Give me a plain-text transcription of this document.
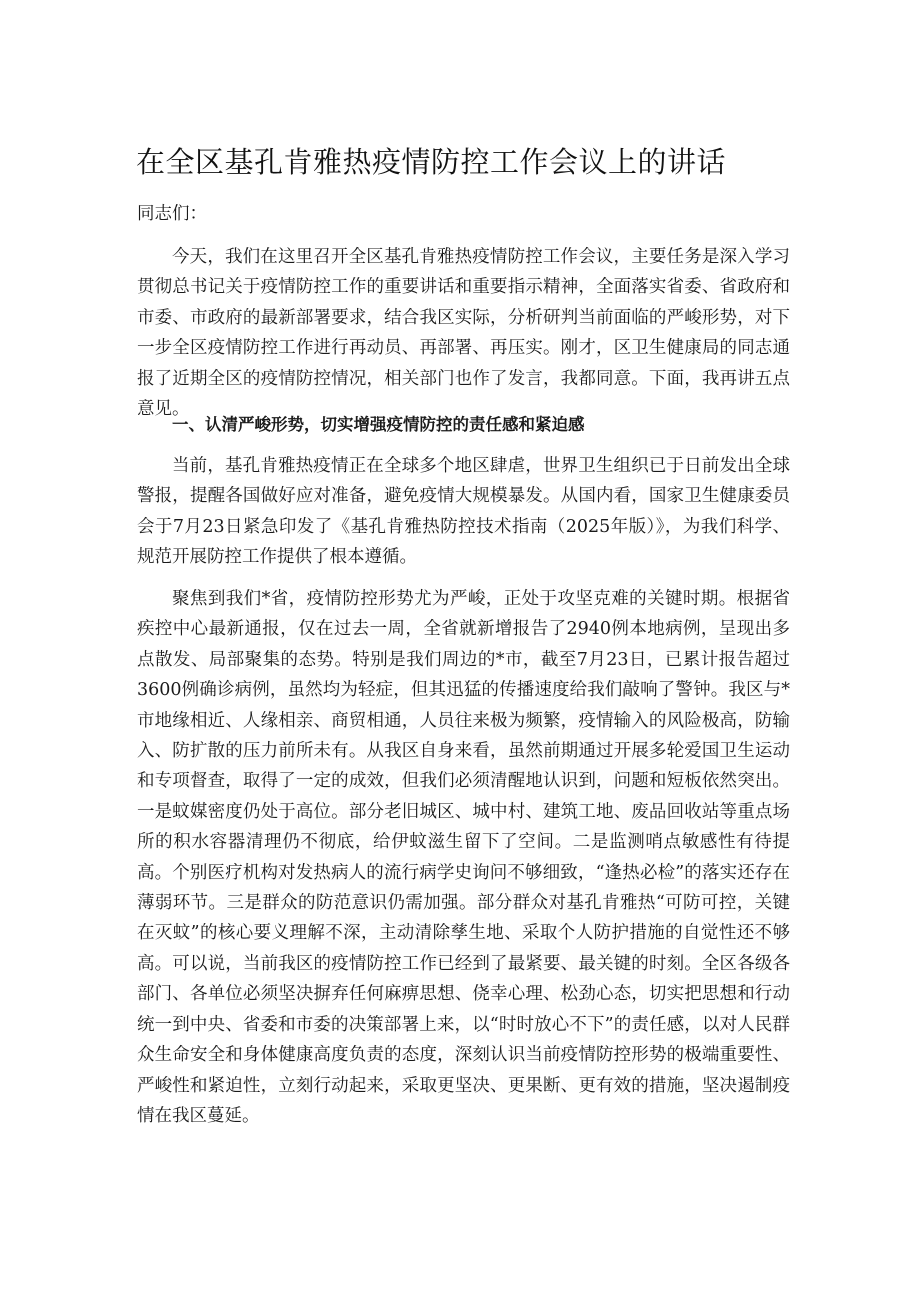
在全区基孔肯雅热疫情防控工作会议上的讲话

同志们：

今天，我们在这里召开全区基孔肯雅热疫情防控工作会议，主要任务是深入学习贯彻总书记关于疫情防控工作的重要讲话和重要指示精神，全面落实省委、省政府和市委、市政府的最新部署要求，结合我区实际，分析研判当前面临的严峻形势，对下一步全区疫情防控工作进行再动员、再部署、再压实。刚才，区卫生健康局的同志通报了近期全区的疫情防控情况，相关部门也作了发言，我都同意。下面，我再讲五点意见。

一、认清严峻形势，切实增强疫情防控的责任感和紧迫感

当前，基孔肯雅热疫情正在全球多个地区肆虐，世界卫生组织已于日前发出全球警报，提醒各国做好应对准备，避免疫情大规模暴发。从国内看，国家卫生健康委员会于7月23日紧急印发了《基孔肯雅热防控技术指南（2025年版）》，为我们科学、规范开展防控工作提供了根本遵循。

聚焦到我们*省，疫情防控形势尤为严峻，正处于攻坚克难的关键时期。根据省疾控中心最新通报，仅在过去一周，全省就新增报告了2940例本地病例，呈现出多点散发、局部聚集的态势。特别是我们周边的*市，截至7月23日，已累计报告超过3600例确诊病例，虽然均为轻症，但其迅猛的传播速度给我们敲响了警钟。我区与*市地缘相近、人缘相亲、商贸相通，人员往来极为频繁，疫情输入的风险极高，防输入、防扩散的压力前所未有。从我区自身来看，虽然前期通过开展多轮爱国卫生运动和专项督查，取得了一定的成效，但我们必须清醒地认识到，问题和短板依然突出。一是蚊媒密度仍处于高位。部分老旧城区、城中村、建筑工地、废品回收站等重点场所的积水容器清理仍不彻底，给伊蚊滋生留下了空间。二是监测哨点敏感性有待提高。个别医疗机构对发热病人的流行病学史询问不够细致，“逢热必检”的落实还存在薄弱环节。三是群众的防范意识仍需加强。部分群众对基孔肯雅热“可防可控，关键在灭蚊”的核心要义理解不深，主动清除孳生地、采取个人防护措施的自觉性还不够高。可以说，当前我区的疫情防控工作已经到了最紧要、最关键的时刻。全区各级各部门、各单位必须坚决摒弃任何麻痹思想、侥幸心理、松劲心态，切实把思想和行动统一到中央、省委和市委的决策部署上来，以“时时放心不下”的责任感，以对人民群众生命安全和身体健康高度负责的态度，深刻认识当前疫情防控形势的极端重要性、严峻性和紧迫性，立刻行动起来，采取更坚决、更果断、更有效的措施，坚决遏制疫情在我区蔓延。
